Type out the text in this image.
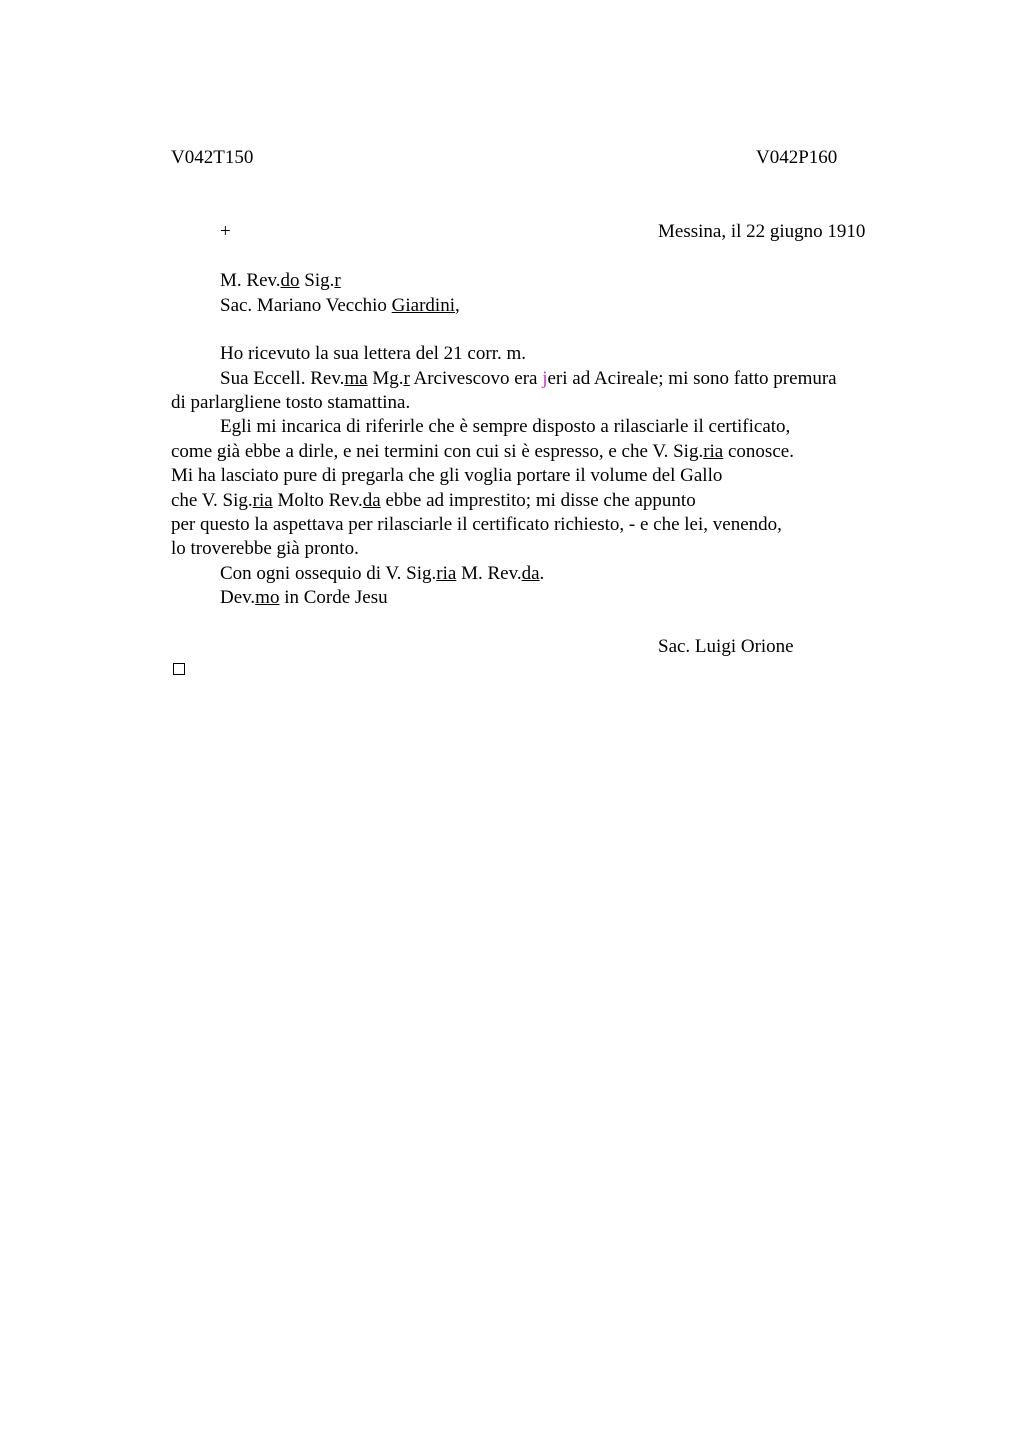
V042T150	V042P160
+	Messina, il 22 giugno 1910
M. Rev.do Sig.r
Sac. Mariano Vecchio Giardini,
Ho ricevuto la sua lettera del 21 corr. m.
Sua Eccell. Rev.ma Mg.r Arcivescovo era jeri ad Acireale; mi sono fatto premura
di parlargliene tosto stamattina.
Egli mi incarica di riferirle che è sempre disposto a rilasciarle il certificato,
come già ebbe a dirle, e nei termini con cui si è espresso, e che V. Sig.ria conosce.
Mi ha lasciato pure di pregarla che gli voglia portare il volume del Gallo
che V. Sig.ria Molto Rev.da ebbe ad imprestito; mi disse che appunto
per questo la aspettava per rilasciarle il certificato richiesto, - e che lei, venendo,
lo troverebbe già pronto.
Con ogni ossequio di V. Sig.ria M. Rev.da.
Dev.mo in Corde Jesu
Sac. Luigi Orione
